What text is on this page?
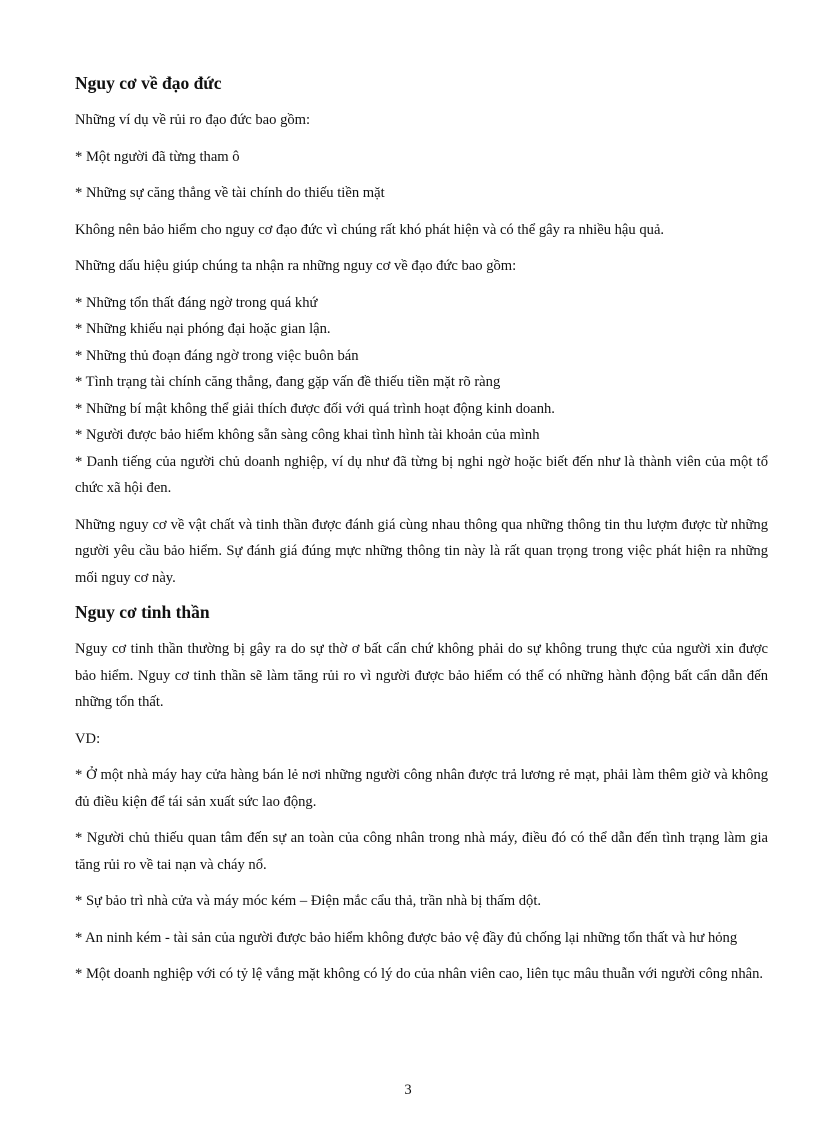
Nguy cơ về đạo đức

Những ví dụ về rủi ro đạo đức bao gồm:

* Một người đã từng tham ô

* Những sự căng thẳng về tài chính do thiếu tiền mặt

Không nên bảo hiểm cho nguy cơ đạo đức vì chúng rất khó phát hiện và có thể gây ra nhiều hậu quả.

Những dấu hiệu giúp chúng ta nhận ra những nguy cơ về đạo đức bao gồm:

* Những tổn thất đáng ngờ trong quá khứ

* Những khiếu nại phóng đại hoặc gian lận.

* Những thủ đoạn đáng ngờ trong việc buôn bán

* Tình trạng tài chính căng thẳng, đang gặp vấn đề thiếu tiền mặt rõ ràng

* Những bí mật không thể giải thích được đối với quá trình hoạt động kinh doanh.

* Người được bảo hiểm không sẵn sàng công khai tình hình tài khoản của mình

* Danh tiếng của người chủ doanh nghiệp, ví dụ như đã từng bị nghi ngờ hoặc biết đến như là thành viên của một tổ chức xã hội đen.

Những nguy cơ về vật chất và tinh thần được đánh giá cùng nhau thông qua những thông tin thu lượm được từ những người yêu cầu bảo hiểm. Sự đánh giá đúng mực những thông tin này là rất quan trọng trong việc phát hiện ra những mối nguy cơ này.

Nguy cơ tinh thần

Nguy cơ tinh thần thường bị gây ra do sự thờ ơ bất cẩn chứ không phải do sự không trung thực của người xin được bảo hiểm. Nguy cơ tinh thần sẽ làm tăng rủi ro vì người được bảo hiểm có thể có những hành động bất cẩn dẫn đến những tổn thất.

VD:

* Ở một nhà máy hay cửa hàng bán lẻ nơi những người công nhân được trả lương rẻ mạt, phải làm thêm giờ và không đủ điều kiện để tái sản xuất sức lao động.

* Người chủ thiếu quan tâm đến sự an toàn của công nhân trong nhà máy, điều đó có thể dẫn đến tình trạng làm gia tăng rủi ro về tai nạn và cháy nổ.

* Sự bảo trì nhà cửa và máy móc kém – Điện mắc cẩu thả, trần nhà bị thấm dột.

* An ninh kém - tài sản của người được bảo hiểm không được bảo vệ đầy đủ chống lại những tổn thất và hư hỏng

* Một doanh nghiệp với có tỷ lệ vắng mặt không có lý do của nhân viên cao, liên tục mâu thuẫn với người công nhân.

3
